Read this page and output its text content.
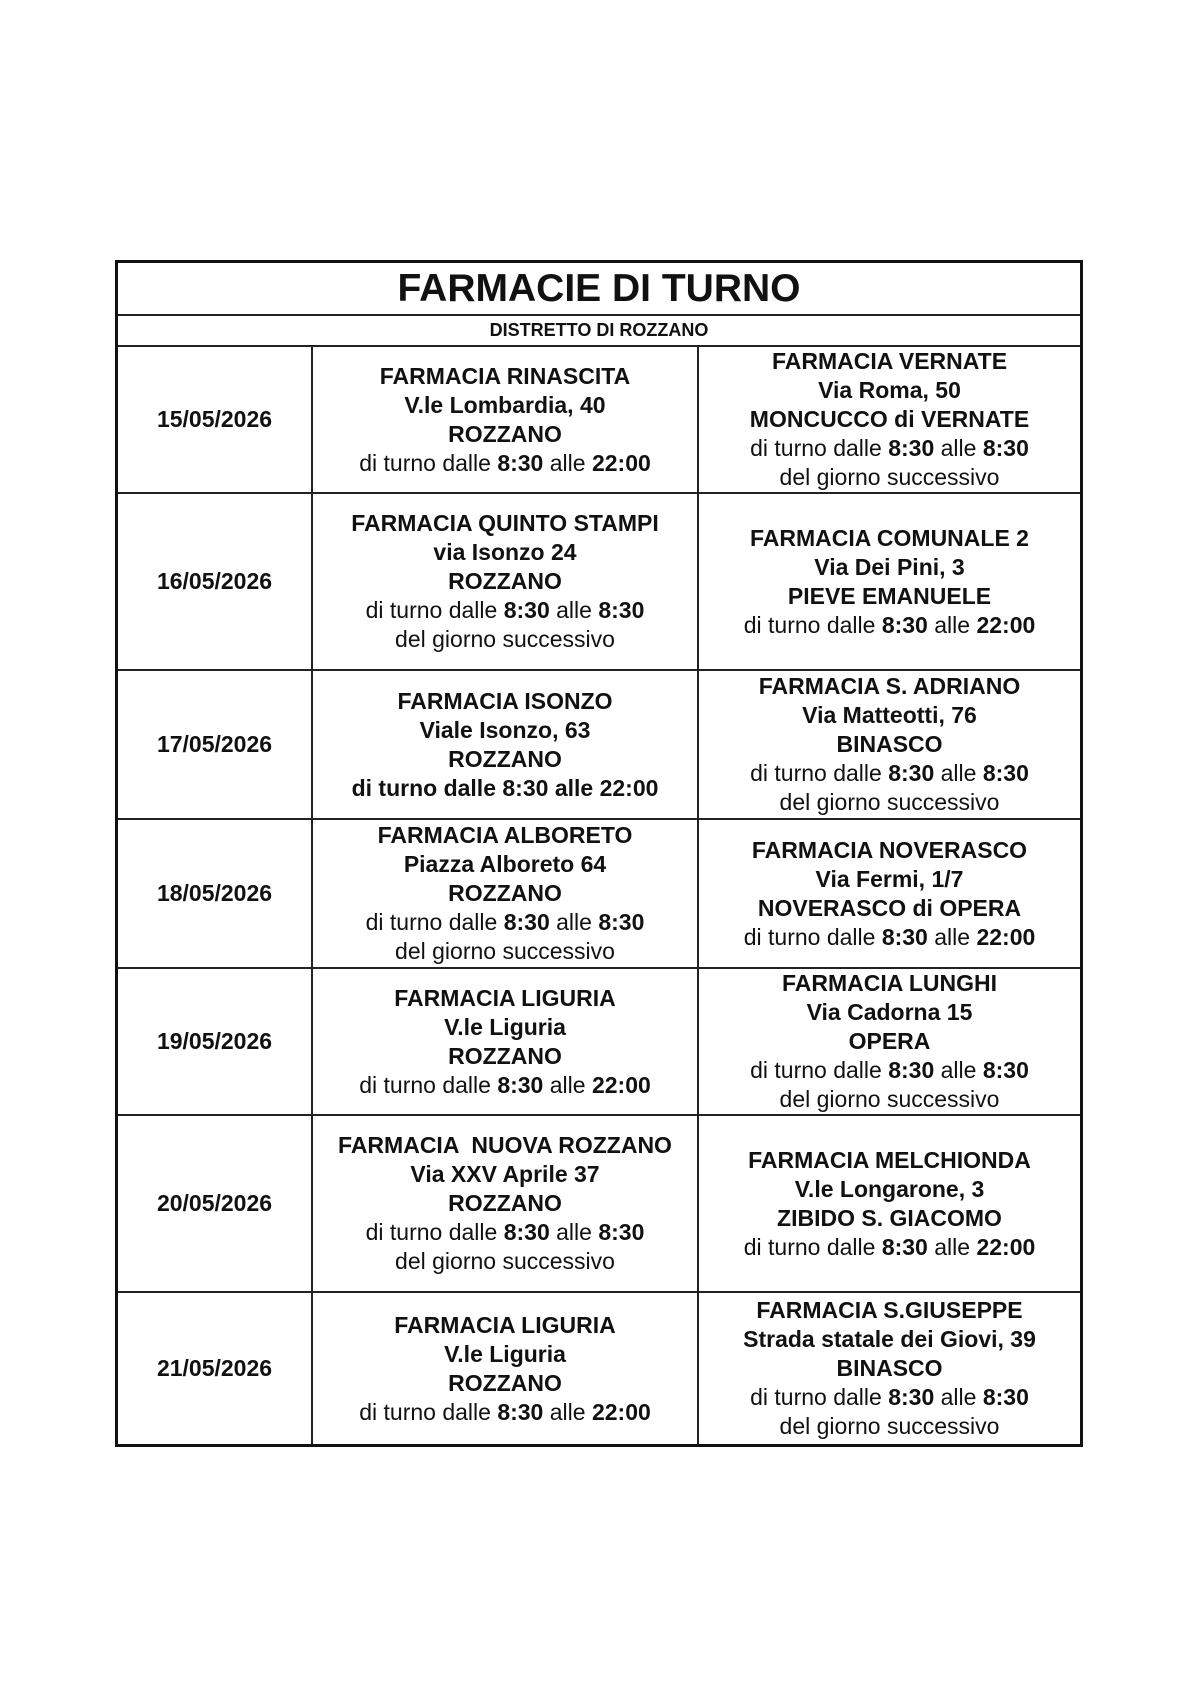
FARMACIE DI TURNO
DISTRETTO DI ROZZANO
15/05/2026
FARMACIA RINASCITA
V.le Lombardia, 40
ROZZANO
di turno dalle 8:30 alle 22:00
FARMACIA VERNATE
Via Roma, 50
MONCUCCO di VERNATE
di turno dalle 8:30 alle 8:30
del giorno successivo
16/05/2026
FARMACIA QUINTO STAMPI
via Isonzo 24
ROZZANO
di turno dalle 8:30 alle 8:30
del giorno successivo
FARMACIA COMUNALE 2
Via Dei Pini, 3
PIEVE EMANUELE
di turno dalle 8:30 alle 22:00
17/05/2026
FARMACIA ISONZO
Viale Isonzo, 63
ROZZANO
di turno dalle 8:30 alle 22:00
FARMACIA S. ADRIANO
Via Matteotti, 76
BINASCO
di turno dalle 8:30 alle 8:30
del giorno successivo
18/05/2026
FARMACIA ALBORETO
Piazza Alboreto 64
ROZZANO
di turno dalle 8:30 alle 8:30
del giorno successivo
FARMACIA NOVERASCO
Via Fermi, 1/7
NOVERASCO di OPERA
di turno dalle 8:30 alle 22:00
19/05/2026
FARMACIA LIGURIA
V.le Liguria
ROZZANO
di turno dalle 8:30 alle 22:00
FARMACIA LUNGHI
Via Cadorna 15
OPERA
di turno dalle 8:30 alle 8:30
del giorno successivo
20/05/2026
FARMACIA  NUOVA ROZZANO
Via XXV Aprile 37
ROZZANO
di turno dalle 8:30 alle 8:30
del giorno successivo
FARMACIA MELCHIONDA
V.le Longarone, 3
ZIBIDO S. GIACOMO
di turno dalle 8:30 alle 22:00
21/05/2026
FARMACIA LIGURIA
V.le Liguria
ROZZANO
di turno dalle 8:30 alle 22:00
FARMACIA S.GIUSEPPE
Strada statale dei Giovi, 39
BINASCO
di turno dalle 8:30 alle 8:30
del giorno successivo
